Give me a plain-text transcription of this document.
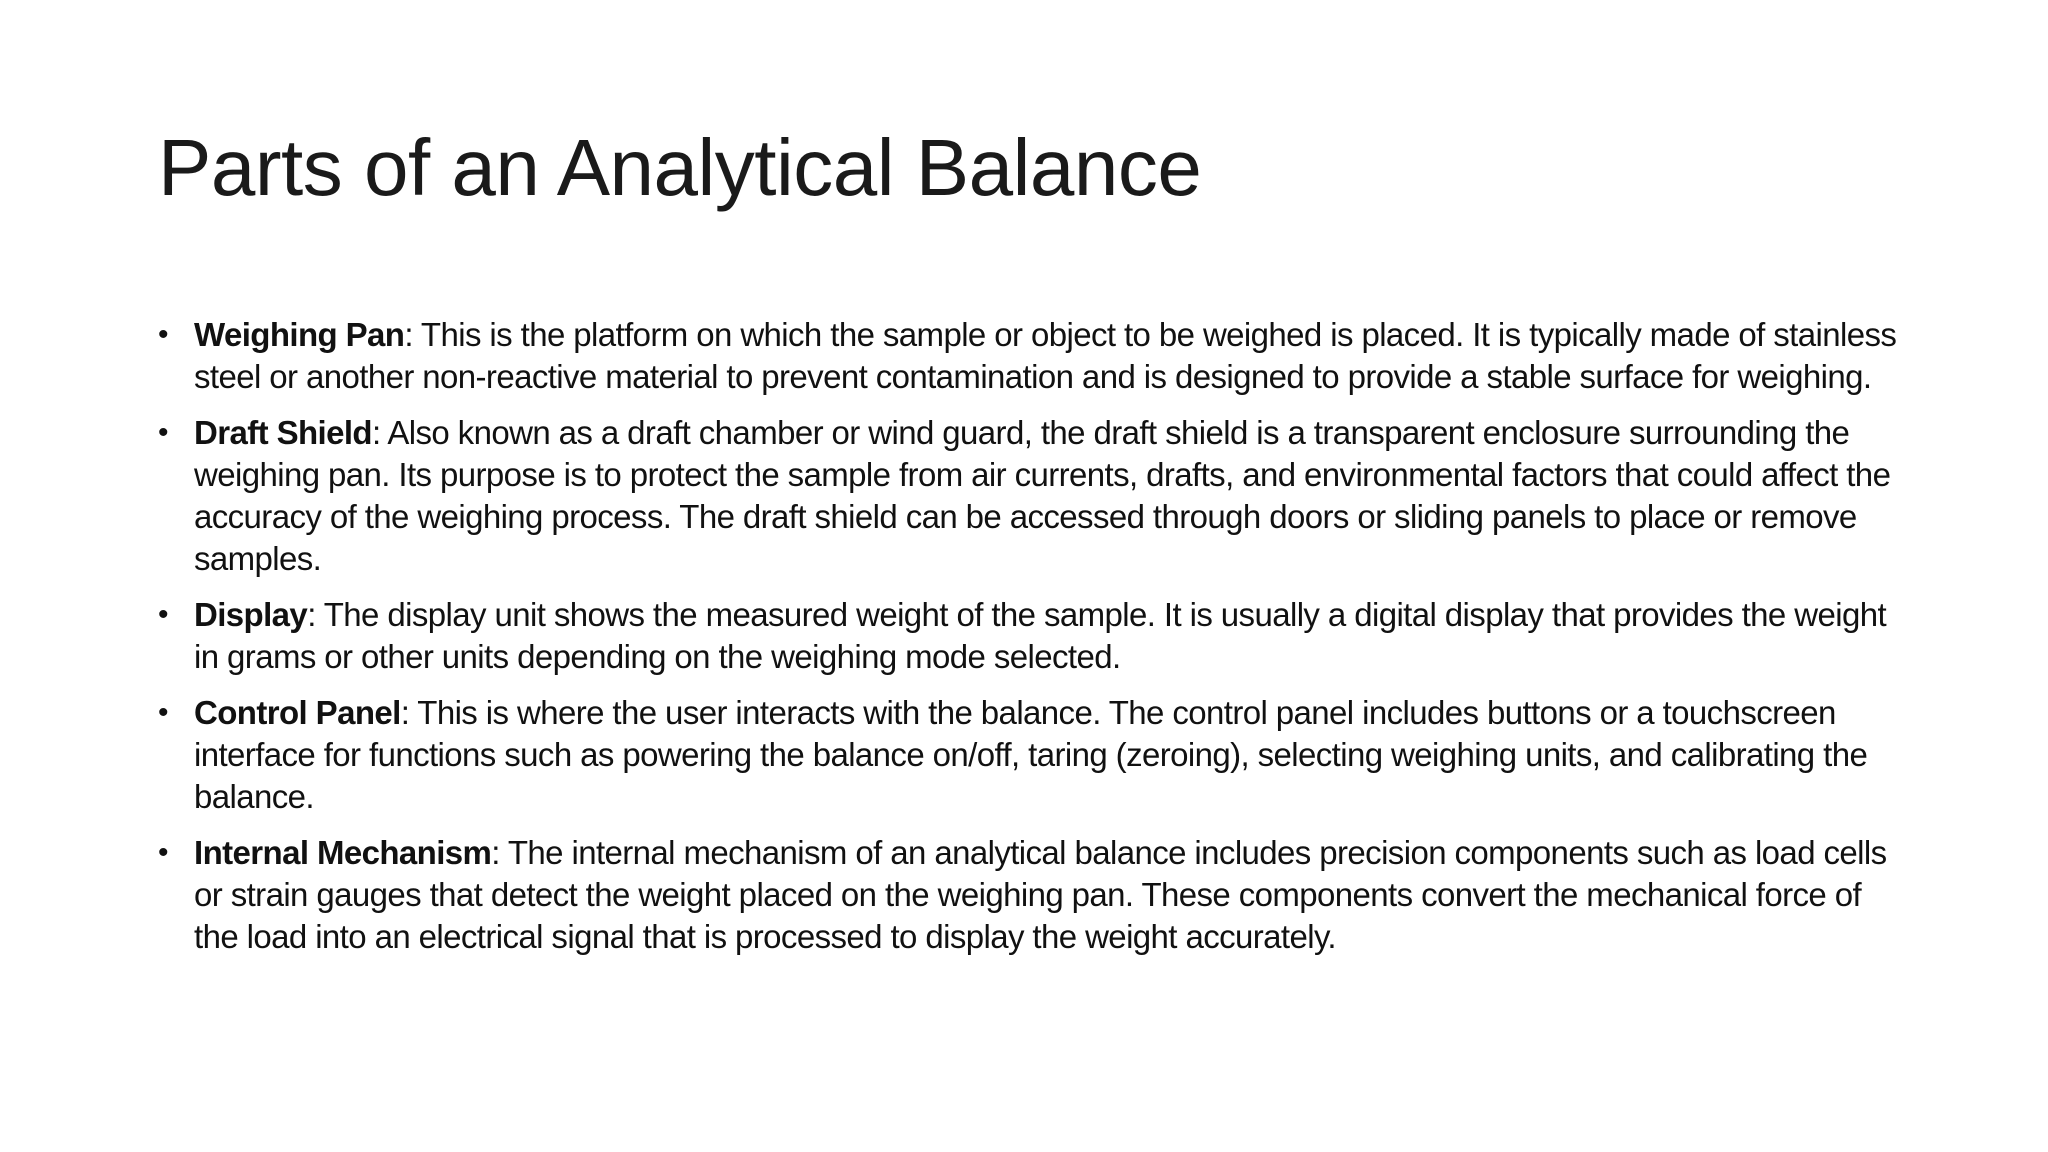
Parts of an Analytical Balance
• Weighing Pan: This is the platform on which the sample or object to be weighed is placed. It is typically made of stainless steel or another non-reactive material to prevent contamination and is designed to provide a stable surface for weighing.
• Draft Shield: Also known as a draft chamber or wind guard, the draft shield is a transparent enclosure surrounding the weighing pan. Its purpose is to protect the sample from air currents, drafts, and environmental factors that could affect the accuracy of the weighing process. The draft shield can be accessed through doors or sliding panels to place or remove samples.
• Display: The display unit shows the measured weight of the sample. It is usually a digital display that provides the weight in grams or other units depending on the weighing mode selected.
• Control Panel: This is where the user interacts with the balance. The control panel includes buttons or a touchscreen interface for functions such as powering the balance on/off, taring (zeroing), selecting weighing units, and calibrating the balance.
• Internal Mechanism: The internal mechanism of an analytical balance includes precision components such as load cells or strain gauges that detect the weight placed on the weighing pan. These components convert the mechanical force of the load into an electrical signal that is processed to display the weight accurately.
